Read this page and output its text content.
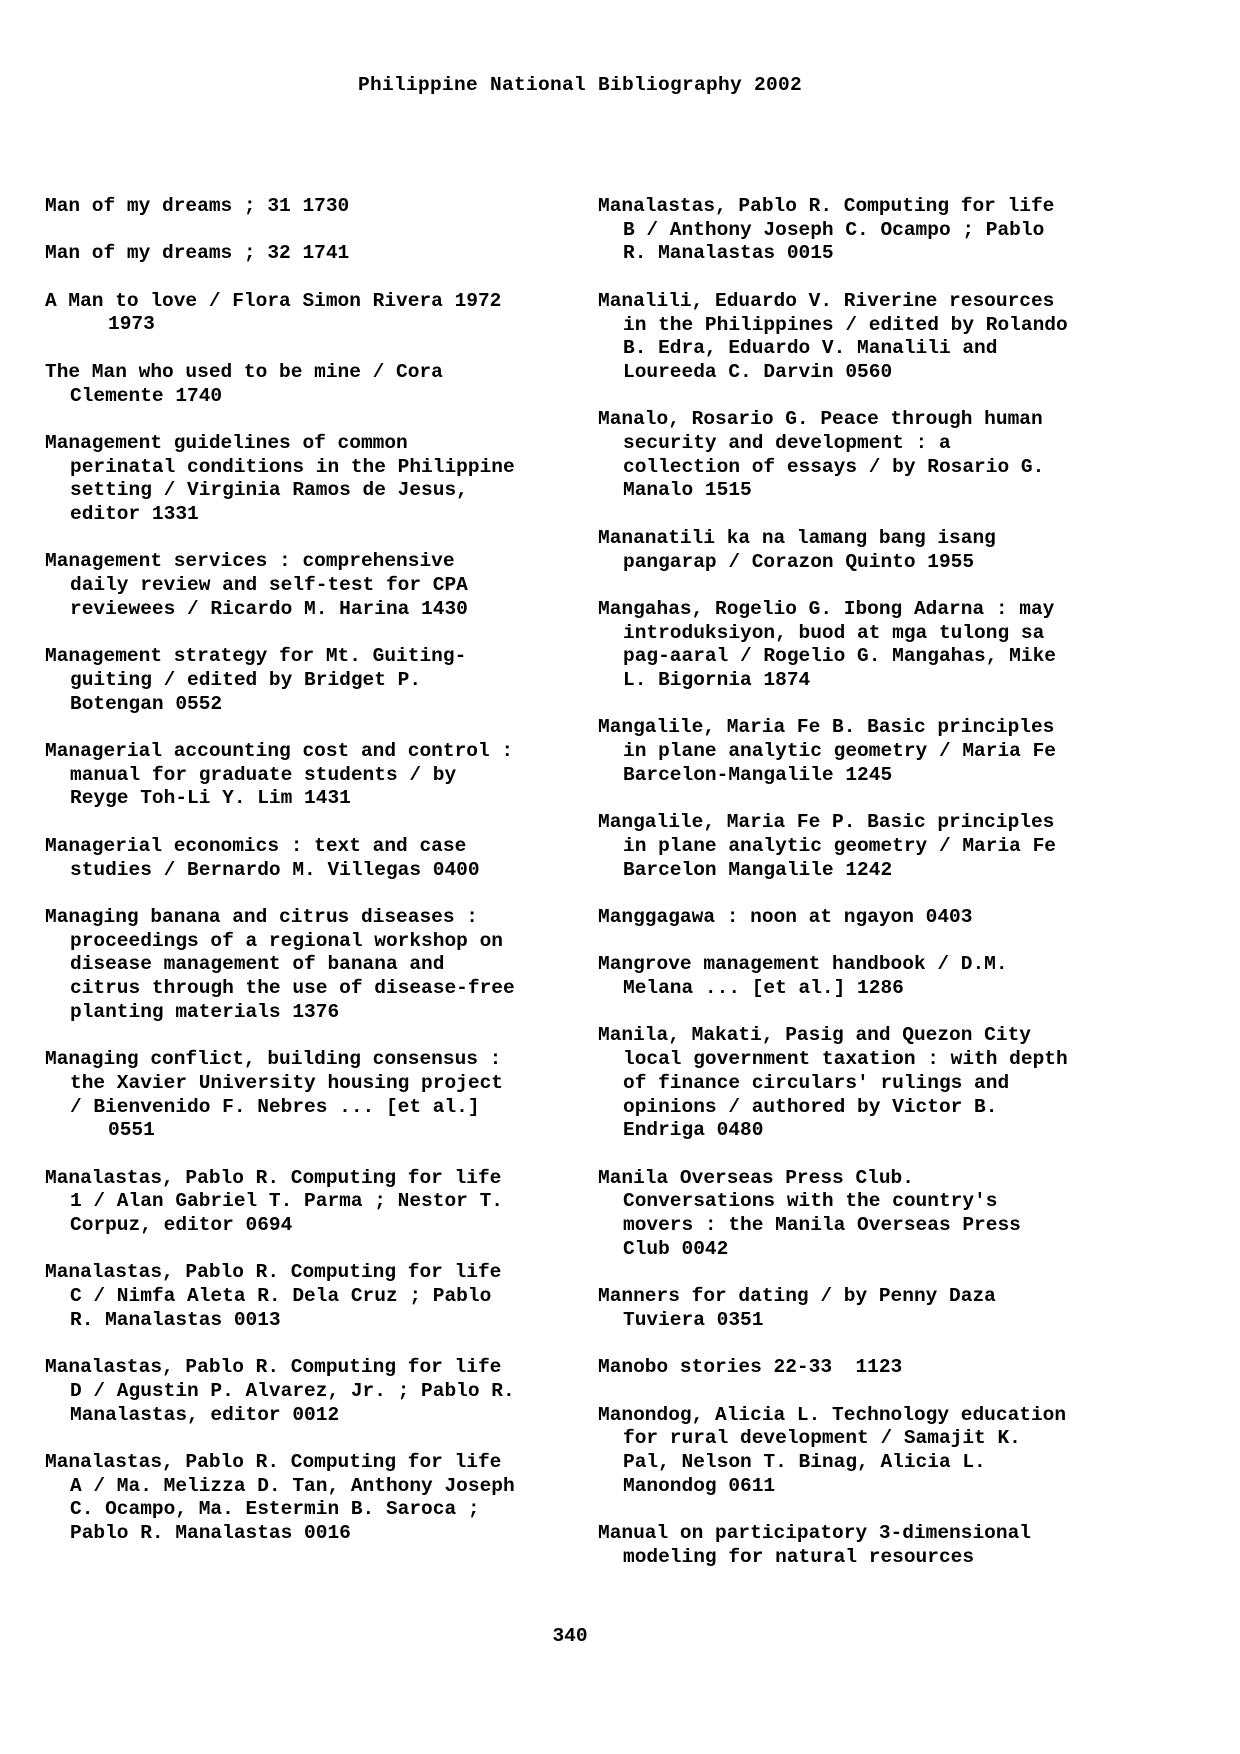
Philippine National Bibliography 2002
Man of my dreams ; 31 1730
Man of my dreams ; 32 1741
A Man to love / Flora Simon Rivera 1972
1973
The Man who used to be mine / Cora
Clemente 1740
Management guidelines of common
perinatal conditions in the Philippine
setting / Virginia Ramos de Jesus,
editor 1331
Management services : comprehensive
daily review and self-test for CPA
reviewees / Ricardo M. Harina 1430
Management strategy for Mt. Guiting-
guiting / edited by Bridget P.
Botengan 0552
Managerial accounting cost and control :
manual for graduate students / by
Reyge Toh-Li Y. Lim 1431
Managerial economics : text and case
studies / Bernardo M. Villegas 0400
Managing banana and citrus diseases :
proceedings of a regional workshop on
disease management of banana and
citrus through the use of disease-free
planting materials 1376
Managing conflict, building consensus :
the Xavier University housing project
/ Bienvenido F. Nebres ... [et al.]
0551
Manalastas, Pablo R. Computing for life
1 / Alan Gabriel T. Parma ; Nestor T.
Corpuz, editor 0694
Manalastas, Pablo R. Computing for life
C / Nimfa Aleta R. Dela Cruz ; Pablo
R. Manalastas 0013
Manalastas, Pablo R. Computing for life
D / Agustin P. Alvarez, Jr. ; Pablo R.
Manalastas, editor 0012
Manalastas, Pablo R. Computing for life
A / Ma. Melizza D. Tan, Anthony Joseph
C. Ocampo, Ma. Estermin B. Saroca ;
Pablo R. Manalastas 0016
Manalastas, Pablo R. Computing for life
B / Anthony Joseph C. Ocampo ; Pablo
R. Manalastas 0015
Manalili, Eduardo V. Riverine resources
in the Philippines / edited by Rolando
B. Edra, Eduardo V. Manalili and
Loureeda C. Darvin 0560
Manalo, Rosario G. Peace through human
security and development : a
collection of essays / by Rosario G.
Manalo 1515
Mananatili ka na lamang bang isang
pangarap / Corazon Quinto 1955
Mangahas, Rogelio G. Ibong Adarna : may
introduksiyon, buod at mga tulong sa
pag-aaral / Rogelio G. Mangahas, Mike
L. Bigornia 1874
Mangalile, Maria Fe B. Basic principles
in plane analytic geometry / Maria Fe
Barcelon-Mangalile 1245
Mangalile, Maria Fe P. Basic principles
in plane analytic geometry / Maria Fe
Barcelon Mangalile 1242
Manggagawa : noon at ngayon 0403
Mangrove management handbook / D.M.
Melana ... [et al.] 1286
Manila, Makati, Pasig and Quezon City
local government taxation : with depth
of finance circulars' rulings and
opinions / authored by Victor B.
Endriga 0480
Manila Overseas Press Club.
Conversations with the country's
movers : the Manila Overseas Press
Club 0042
Manners for dating / by Penny Daza
Tuviera 0351
Manobo stories 22-33  1123
Manondog, Alicia L. Technology education
for rural development / Samajit K.
Pal, Nelson T. Binag, Alicia L.
Manondog 0611
Manual on participatory 3-dimensional
modeling for natural resources
340
